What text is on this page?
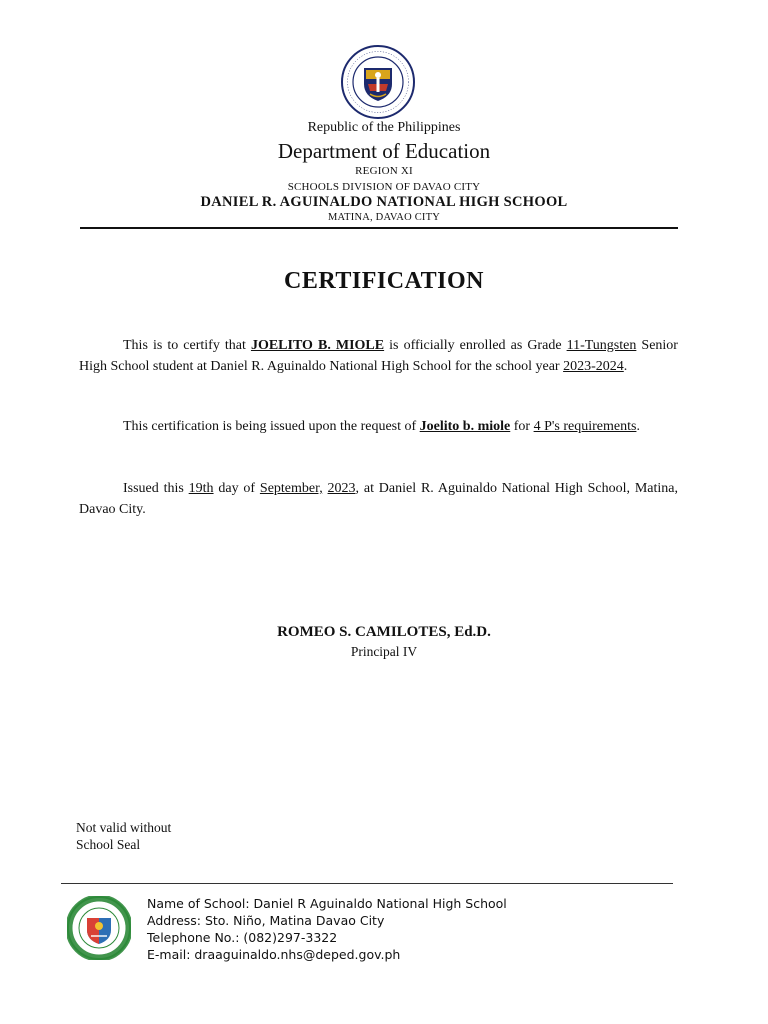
Republic of the Philippines
Department of Education
REGION XI
SCHOOLS DIVISION OF DAVAO CITY
DANIEL R. AGUINALDO NATIONAL HIGH SCHOOL
MATINA, DAVAO CITY
CERTIFICATION
This is to certify that JOELITO B. MIOLE is officially enrolled as Grade 11-Tungsten Senior High School student at Daniel R. Aguinaldo National High School for the school year 2023-2024.
This certification is being issued upon the request of Joelito b. miole for 4 P's requirements.
Issued this 19th day of September, 2023, at Daniel R. Aguinaldo National High School, Matina, Davao City.
ROMEO S. CAMILOTES, Ed.D.
Principal IV
Not valid without
School Seal
Name of School: Daniel R Aguinaldo National High School
Address: Sto. Niño, Matina Davao City
Telephone No.: (082)297-3322
E-mail: draaguinaldo.nhs@deped.gov.ph
